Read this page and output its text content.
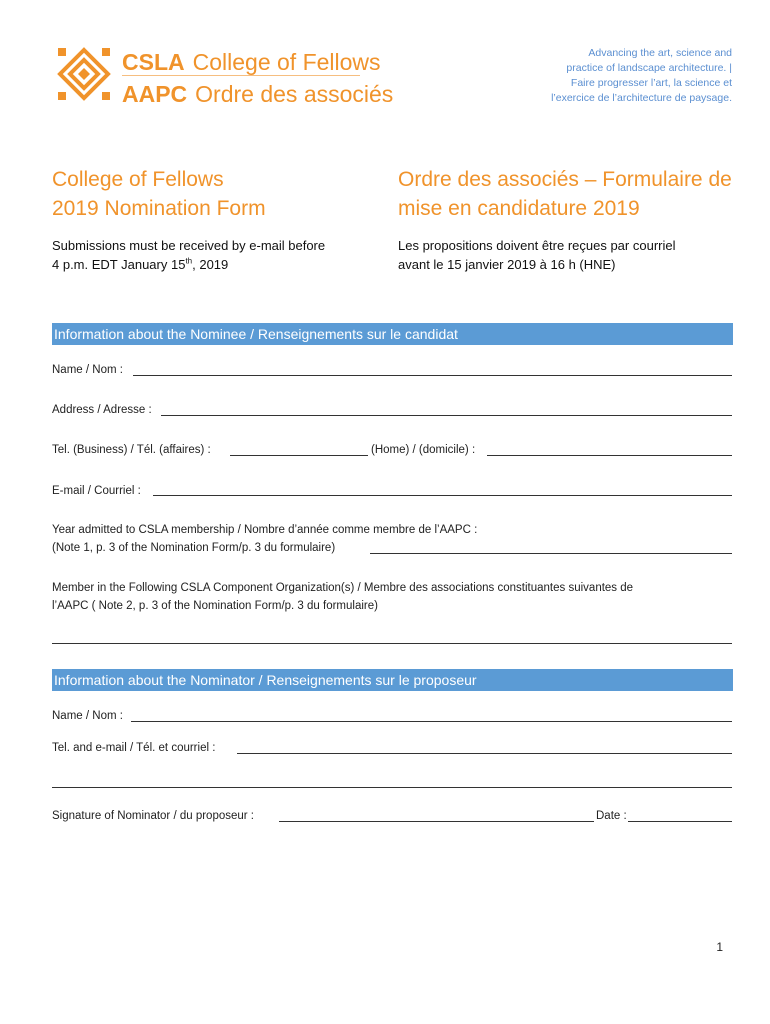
CSLA College of Fellows
AAPC Ordre des associés
Advancing the art, science and
practice of landscape architecture. |
Faire progresser l’art, la science et
l’exercice de l’architecture de paysage.
College of Fellows
2019 Nomination Form
Ordre des associés – Formulaire de
mise en candidature 2019
Submissions must be received by e-mail before
4 p.m. EDT January 15th, 2019
Les propositions doivent être reçues par courriel
avant le 15 janvier 2019 à 16 h (HNE)
Information about the Nominee / Renseignements sur le candidat
Name / Nom :
Address / Adresse :
Tel. (Business) / Tél. (affaires) :	(Home) / (domicile) :
E-mail / Courriel :
Year admitted to CSLA membership / Nombre d’année comme membre de l’AAPC :
(Note 1, p. 3 of the Nomination Form/p. 3 du formulaire)
Member in the Following CSLA Component Organization(s) / Membre des associations constituantes suivantes de
l’AAPC ( Note 2, p. 3 of the Nomination Form/p. 3 du formulaire)
Information about the Nominator / Renseignements sur le proposeur
Name / Nom :
Tel. and e-mail / Tél. et courriel :
Signature of Nominator / du proposeur :	Date :
1
